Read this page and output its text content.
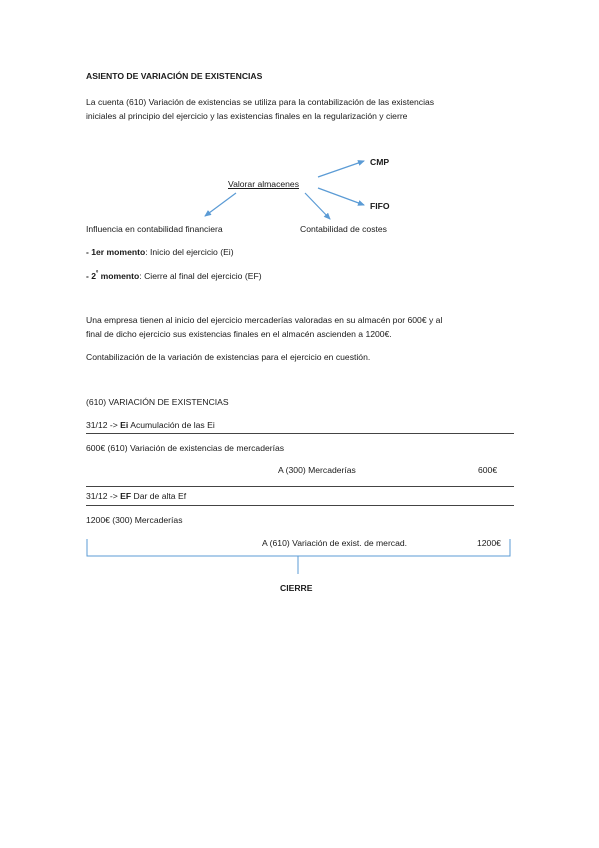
ASIENTO DE VARIACIÓN DE EXISTENCIAS
La cuenta (610) Variación de existencias se utiliza para la contabilización de las existencias
iniciales al principio del ejercicio y las existencias finales en la regularización y cierre
CMP
Valorar almacenes
FIFO
Influencia en contabilidad financiera	Contabilidad de costes
- 1er momento: Inicio del ejercicio (Ei)
- $2^º$ momento: Cierre al final del ejercicio (EF)
Una empresa tienen al inicio del ejercicio mercaderías valoradas en su almacén por 600€ y al
final de dicho ejercicio sus existencias finales en el almacén ascienden a 1200€.
Contabilización de la variación de existencias para el ejercicio en cuestión.
(610) VARIACIÓN DE EXISTENCIAS
31/12 -> Ei Acumulación de las Ei
600€ (610) Variación de existencias de mercaderías
A (300) Mercaderías	600€
31/12 -> EF Dar de alta Ef
1200€ (300) Mercaderías
A (610) Variación de exist. de mercad.	1200€
CIERRE
